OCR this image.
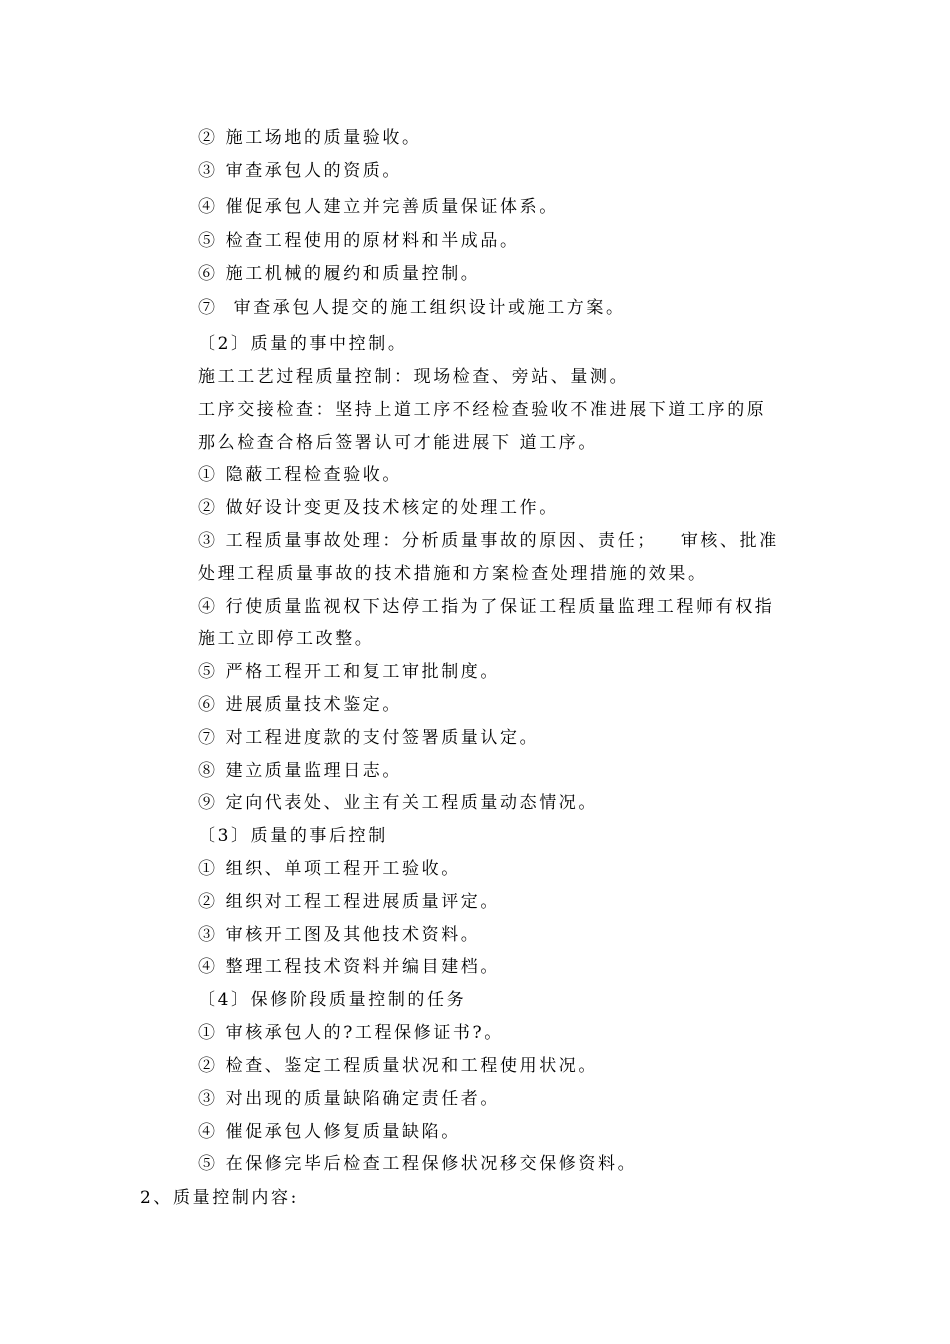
② 施工场地的质量验收。
③ 审查承包人的资质。
④ 催促承包人建立并完善质量保证体系。
⑤ 检查工程使用的原材料和半成品。
⑥ 施工机械的履约和质量控制。
⑦  审查承包人提交的施工组织设计或施工方案。
〔2〕质量的事中控制。
施工工艺过程质量控制：现场检查、旁站、量测。
工序交接检查：坚持上道工序不经检查验收不准进展下道工序的原
那么检查合格后签署认可才能进展下 道工序。
① 隐蔽工程检查验收。
② 做好设计变更及技术核定的处理工作。
③ 工程质量事故处理：分析质量事故的原因、责任；   审核、批准
处理工程质量事故的技术措施和方案检查处理措施的效果。
④ 行使质量监视权下达停工指为了保证工程质量监理工程师有权指
施工立即停工改整。
⑤ 严格工程开工和复工审批制度。
⑥ 进展质量技术鉴定。
⑦ 对工程进度款的支付签署质量认定。
⑧ 建立质量监理日志。
⑨ 定向代表处、业主有关工程质量动态情况。
〔3〕质量的事后控制
① 组织、单项工程开工验收。
② 组织对工程工程进展质量评定。
③ 审核开工图及其他技术资料。
④ 整理工程技术资料并编目建档。
〔4〕保修阶段质量控制的任务
① 审核承包人的?工程保修证书?。
② 检查、鉴定工程质量状况和工程使用状况。
③ 对出现的质量缺陷确定责任者。
④ 催促承包人修复质量缺陷。
⑤ 在保修完毕后检查工程保修状况移交保修资料。
2、质量控制内容:
